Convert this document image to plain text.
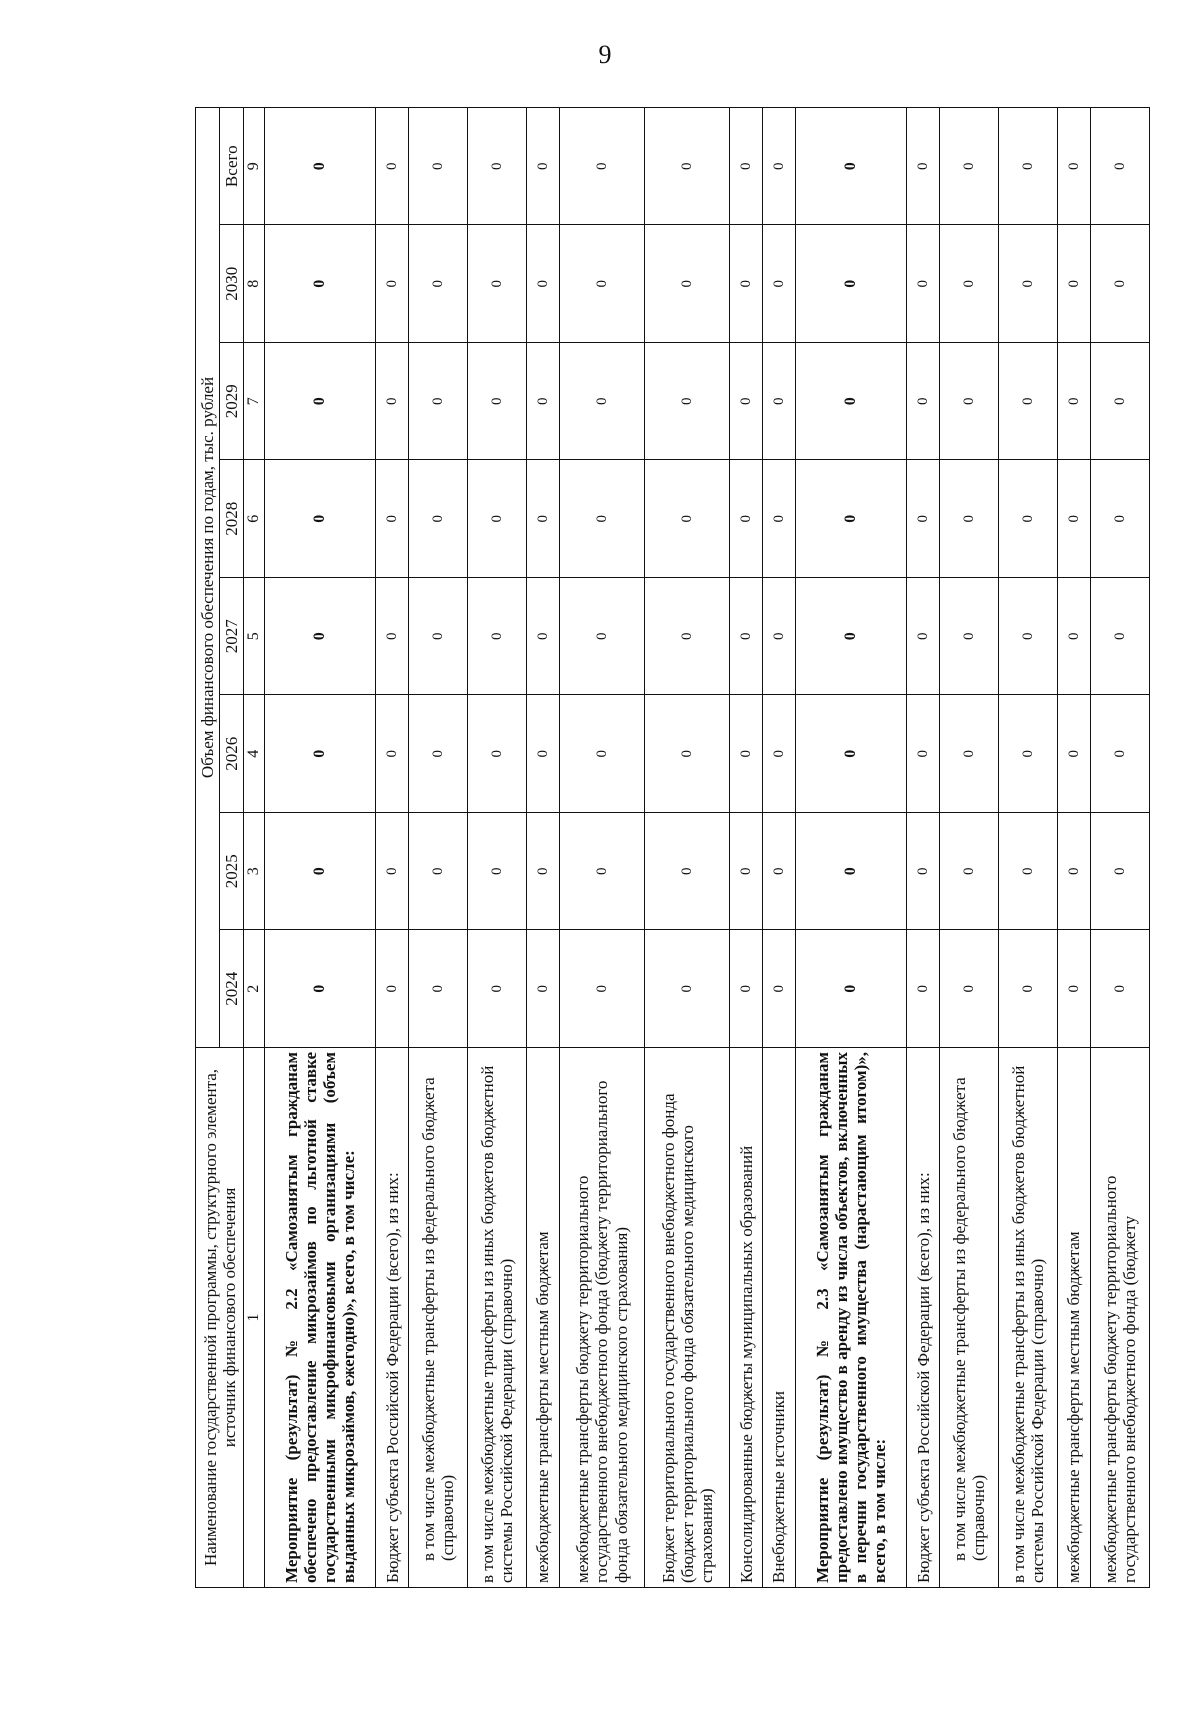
9
Наименование государственной программы, структурного элемента, источник финансового обеспечения	Объем финансового обеспечения по годам, тыс. рублей							
	2024	2025	2026	2027	2028	2029	2030	Всего
1	2	3	4	5	6	7	8	9
Мероприятие (результат) № 2.2 «Самозанятым гражданам обеспечено предоставление микрозаймов по льготной ставке государственными микрофинансовыми организациями (объем выданных микрозаймов, ежегодно)», всего, в том числе:	0	0	0	0	0	0	0	0
Бюджет субъекта Российской Федерации (всего), из них:	0	0	0	0	0	0	0	0
в том числе межбюджетные трансферты из федерального бюджета (справочно)	0	0	0	0	0	0	0	0
в том числе межбюджетные трансферты из иных бюджетов бюджетной системы Российской Федерации (справочно)	0	0	0	0	0	0	0	0
межбюджетные трансферты местным бюджетам	0	0	0	0	0	0	0	0
межбюджетные трансферты бюджету территориального государственного внебюджетного фонда (бюджету территориального фонда обязательного медицинского страхования)	0	0	0	0	0	0	0	0
Бюджет территориального государственного внебюджетного фонда (бюджет территориального фонда обязательного медицинского страхования)	0	0	0	0	0	0	0	0
Консолидированные бюджеты муниципальных образований	0	0	0	0	0	0	0	0
Внебюджетные источники	0	0	0	0	0	0	0	0
Мероприятие (результат) № 2.3 «Самозанятым гражданам предоставлено имущество в аренду из числа объектов, включенных в перечни государственного имущества (нарастающим итогом)», всего, в том числе:	0	0	0	0	0	0	0	0
Бюджет субъекта Российской Федерации (всего), из них:	0	0	0	0	0	0	0	0
в том числе межбюджетные трансферты из федерального бюджета (справочно)	0	0	0	0	0	0	0	0
в том числе межбюджетные трансферты из иных бюджетов бюджетной системы Российской Федерации (справочно)	0	0	0	0	0	0	0	0
межбюджетные трансферты местным бюджетам	0	0	0	0	0	0	0	0
межбюджетные трансферты бюджету территориального государственного внебюджетного фонда (бюджету	0	0	0	0	0	0	0	0
